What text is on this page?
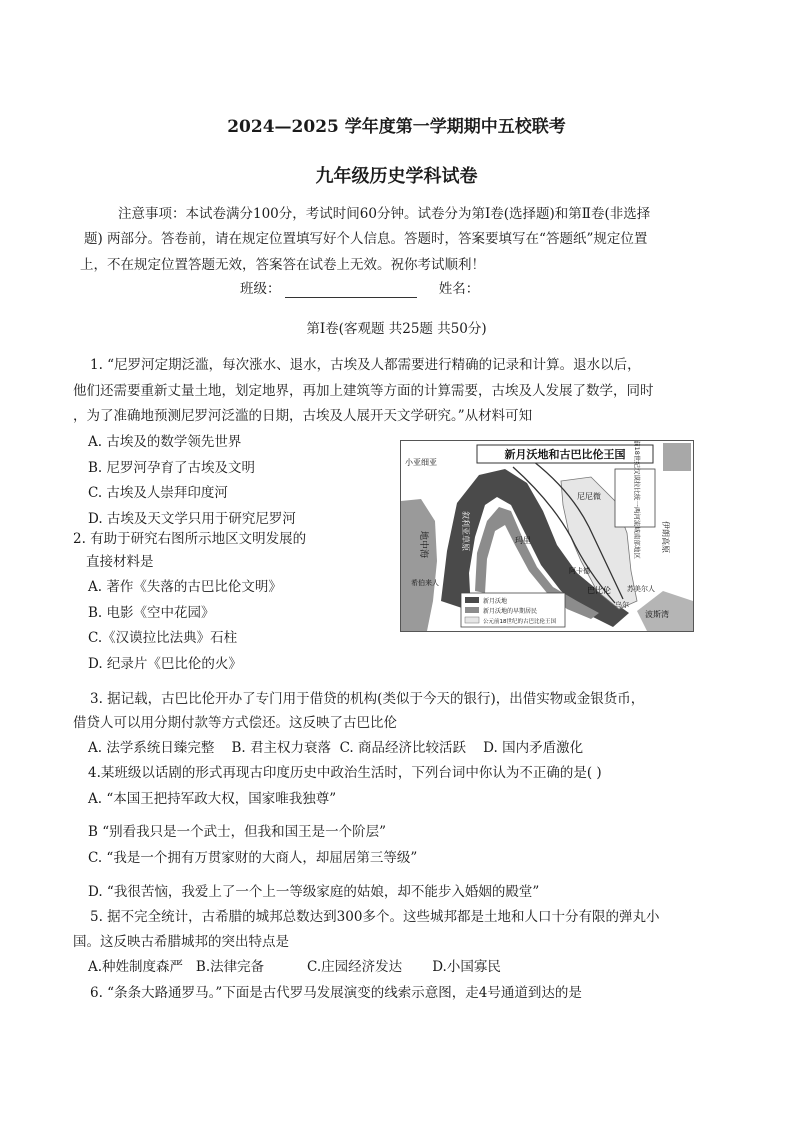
2024—2025 学年度第一学期期中五校联考
九年级历史学科试卷
注意事项：本试卷满分100分，考试时间60分钟。试卷分为第Ⅰ卷(选择题)和第Ⅱ卷(非选择
题) 两部分。答卷前，请在规定位置填写好个人信息。答题时，答案要填写在“答题纸”规定位置
上，不在规定位置答题无效，答案答在试卷上无效。祝你考试顺利！
班级：	姓名：
第Ⅰ卷(客观题 共25题 共50分)
1. “尼罗河定期泛滥，每次涨水、退水，古埃及人都需要进行精确的记录和计算。退水以后，
他们还需要重新丈量土地，划定地界，再加上建筑等方面的计算需要，古埃及人发展了数学，同时
，为了准确地预测尼罗河泛滥的日期，古埃及人展开天文学研究。”从材料可知
A. 古埃及的数学领先世界
B. 尼罗河孕育了古埃及文明
C. 古埃及人崇拜印度河
D. 古埃及天文学只用于研究尼罗河
2. 有助于研究右图所示地区文明发展的
直接材料是
A. 著作《失落的古巴比伦文明》
B. 电影《空中花园》
C.《汉谟拉比法典》石柱
D. 纪录片《巴比伦的火》
新月沃地和古巴比伦王国 公元前18世纪汉谟拉比统一两河流域南部地区
小亚细亚
伊朗高原
地中海
希伯来人
叙利亚草原	玛里
尼尼微
巴比伦
阿卡德
乌尔
苏美尔人
波斯湾
新月沃地
新月沃地的早期居民
公元前18世纪的古巴比伦王国
3. 据记载，古巴比伦开办了专门用于借贷的机构(类似于今天的银行)，出借实物或金银货币，
借贷人可以用分期付款等方式偿还。这反映了古巴比伦
A. 法学系统日臻完整    B. 君主权力衰落  C. 商品经济比较活跃    D. 国内矛盾激化
4.某班级以话剧的形式再现古印度历史中政治生活时，下列台词中你认为不正确的是( )
A. “本国王把持军政大权，国家唯我独尊”
B “别看我只是一个武士，但我和国王是一个阶层”
C. “我是一个拥有万贯家财的大商人，却屈居第三等级”
D. “我很苦恼，我爱上了一个上一等级家庭的姑娘，却不能步入婚姻的殿堂”
5. 据不完全统计，古希腊的城邦总数达到300多个。这些城邦都是土地和人口十分有限的弹丸小
国。这反映古希腊城邦的突出特点是
A.种姓制度森严   B.法律完备          C.庄园经济发达       D.小国寡民
6. “条条大路通罗马。”下面是古代罗马发展演变的线索示意图，走4号通道到达的是
